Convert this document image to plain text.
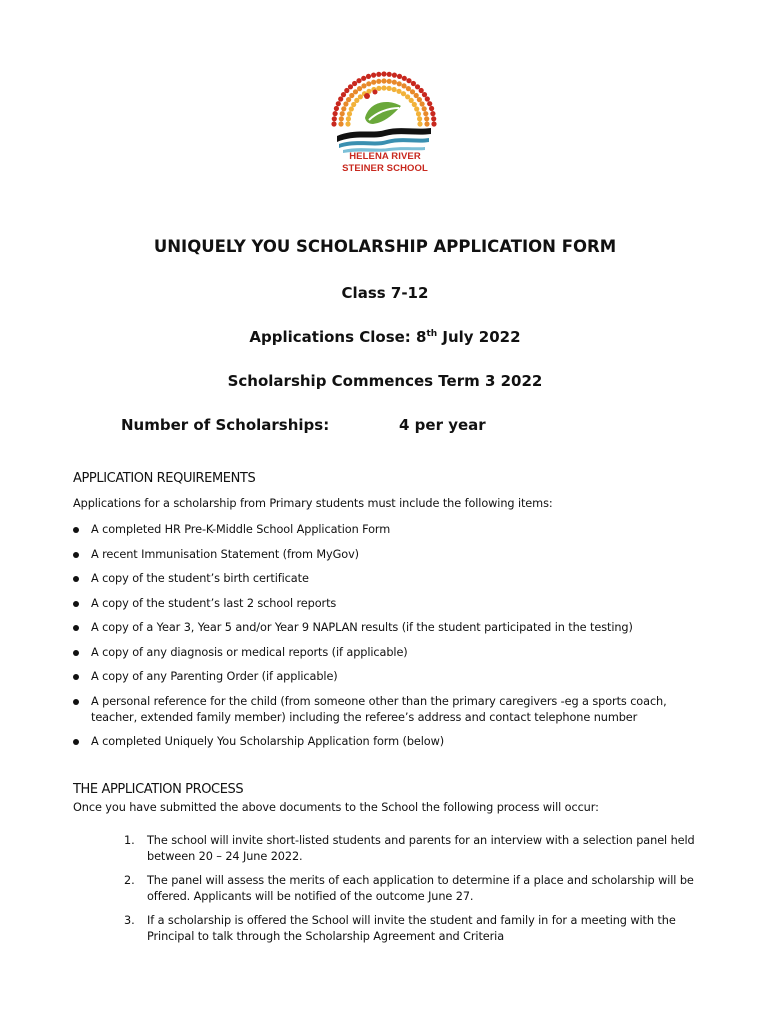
HELENA RIVER
STEINER SCHOOL
UNIQUELY YOU SCHOLARSHIP APPLICATION FORM
Class 7-12
Applications Close: 8th July 2022
Scholarship Commences Term 3 2022
Number of Scholarships:	4 per year
APPLICATION REQUIREMENTS
Applications for a scholarship from Primary students must include the following items:
A completed HR Pre-K-Middle School Application Form
A recent Immunisation Statement (from MyGov)
A copy of the student’s birth certificate
A copy of the student’s last 2 school reports
A copy of a Year 3, Year 5 and/or Year 9 NAPLAN results (if the student participated in the testing)
A copy of any diagnosis or medical reports (if applicable)
A copy of any Parenting Order (if applicable)
A personal reference for the child (from someone other than the primary caregivers -eg a sports coach, teacher, extended family member) including the referee’s address and contact telephone number
A completed Uniquely You Scholarship Application form (below)
THE APPLICATION PROCESS
Once you have submitted the above documents to the School the following process will occur:
1. The school will invite short-listed students and parents for an interview with a selection panel held between 20 – 24 June 2022.
2. The panel will assess the merits of each application to determine if a place and scholarship will be offered. Applicants will be notified of the outcome June 27.
3. If a scholarship is offered the School will invite the student and family in for a meeting with the Principal to talk through the Scholarship Agreement and Criteria
